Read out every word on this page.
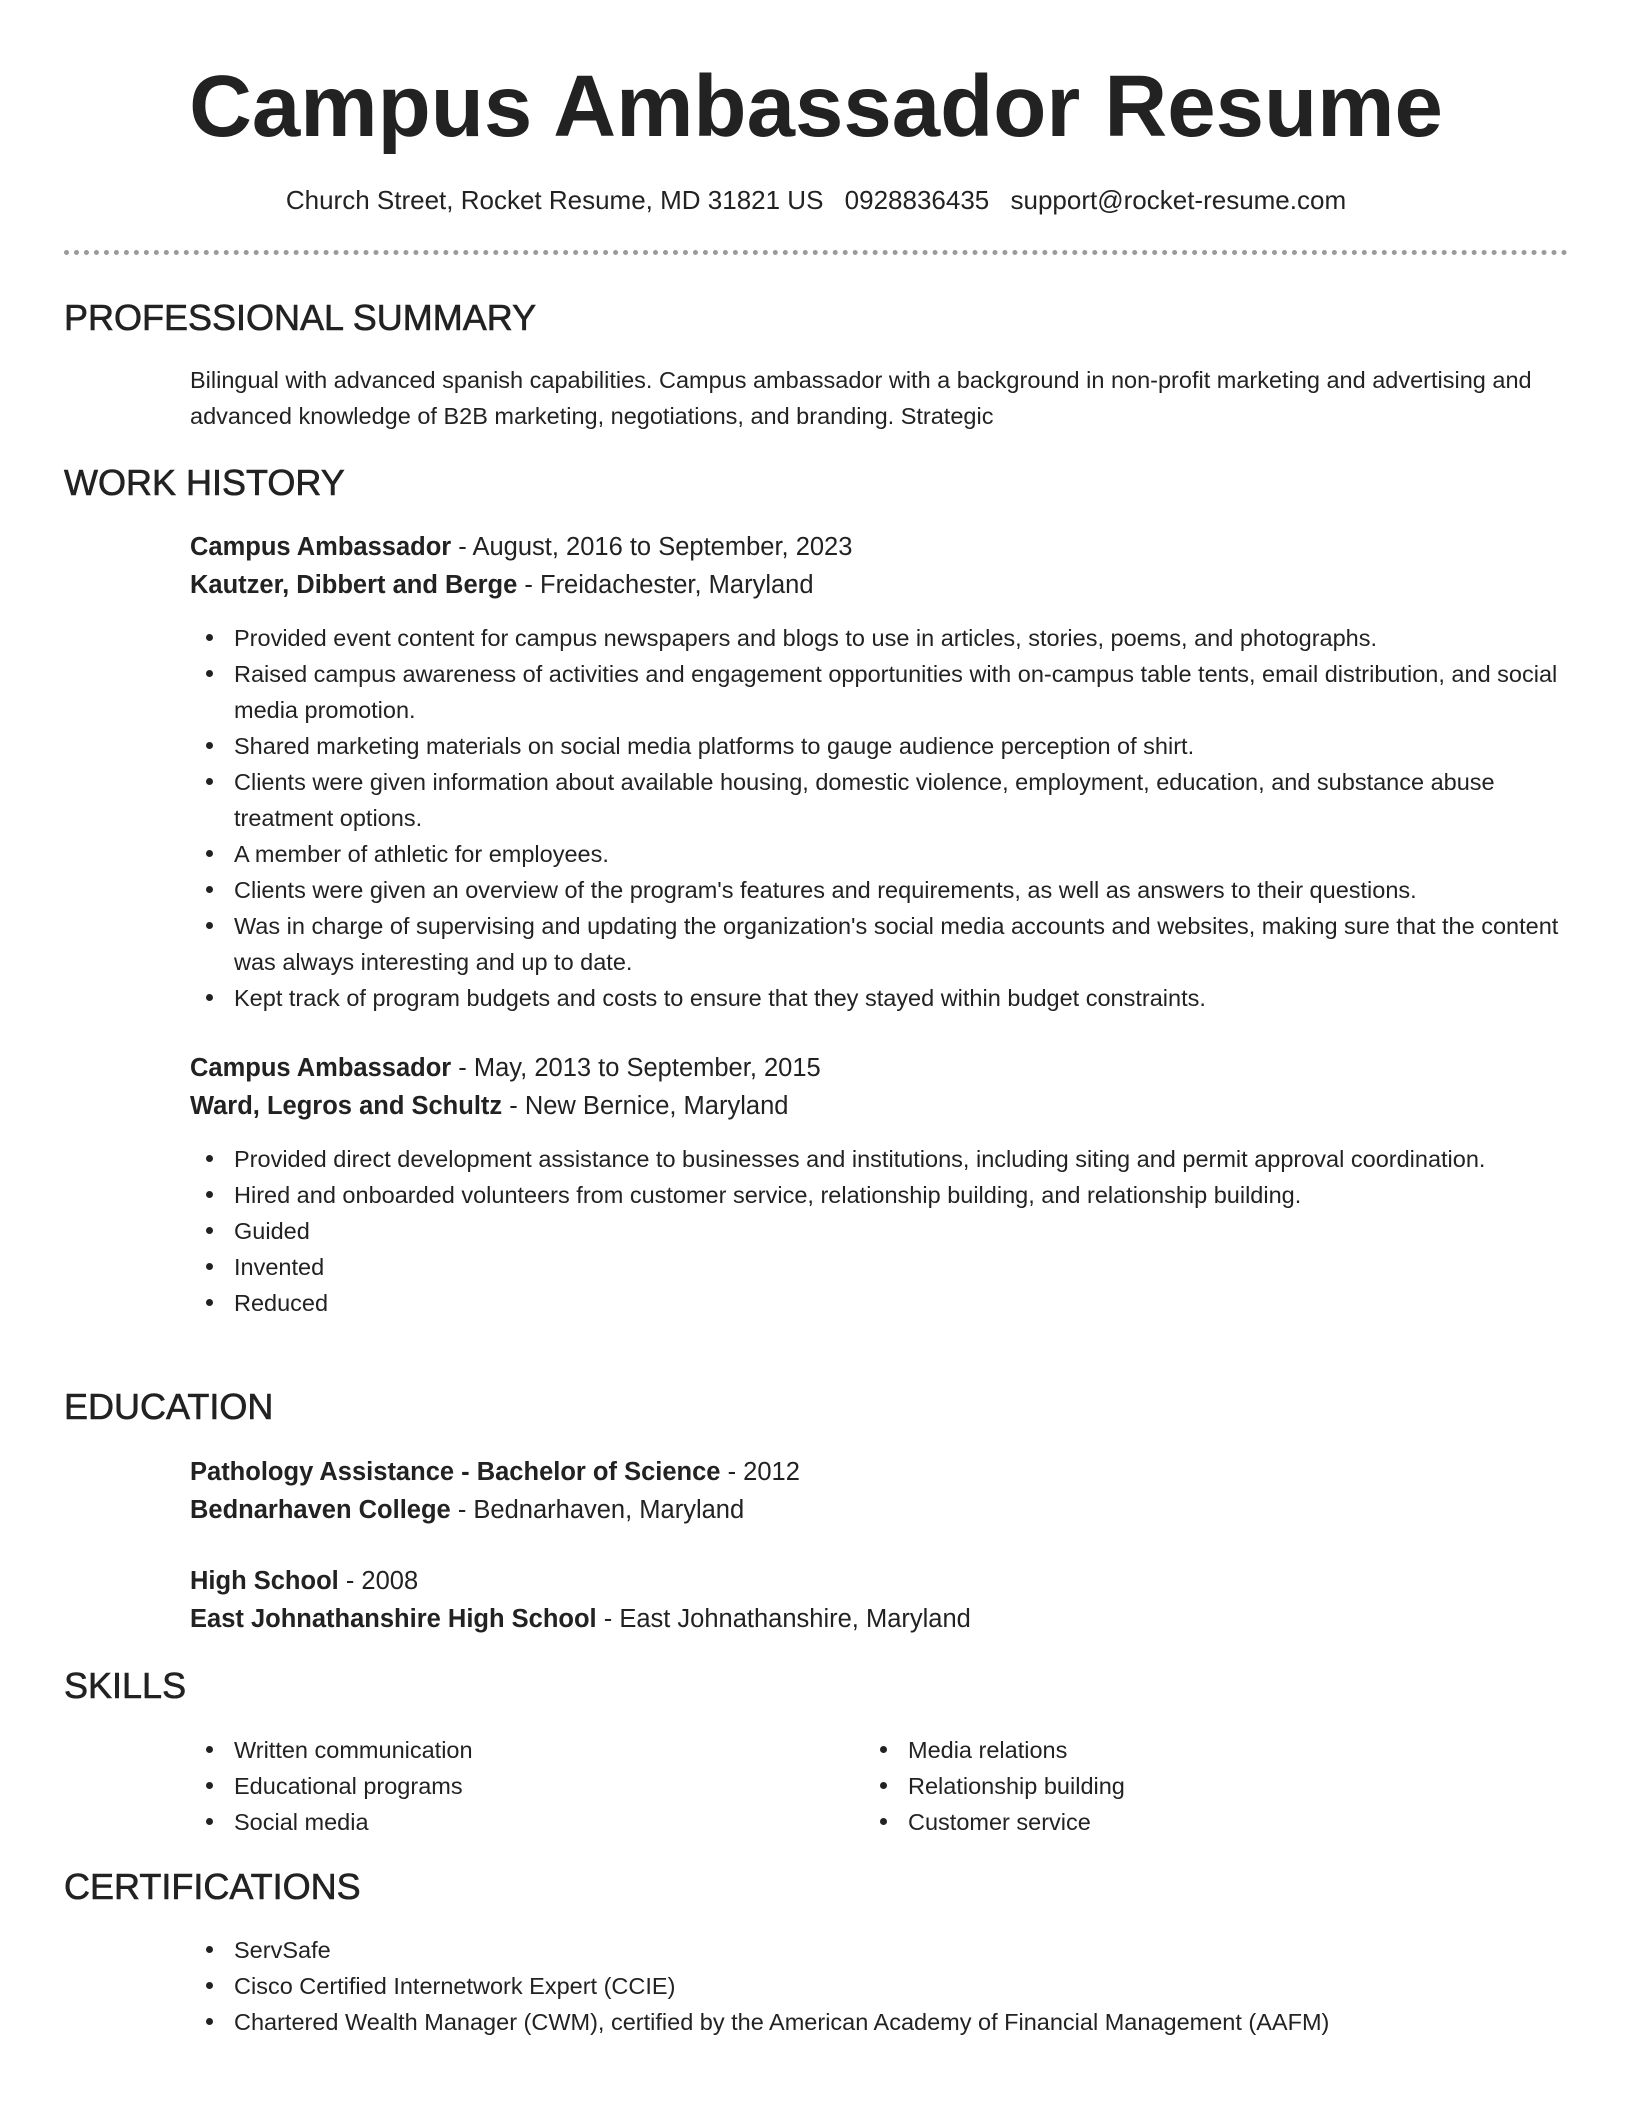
Campus Ambassador Resume
Church Street, Rocket Resume, MD 31821 US 0928836435 support@rocket-resume.com
PROFESSIONAL SUMMARY

Bilingual with advanced spanish capabilities. Campus ambassador with a background in non-profit marketing and advertising and advanced knowledge of B2B marketing, negotiations, and branding. Strategic

WORK HISTORY

Campus Ambassador - August, 2016 to September, 2023

Kautzer, Dibbert and Berge - Freidachester, Maryland

Provided event content for campus newspapers and blogs to use in articles, stories, poems, and photographs.
Raised campus awareness of activities and engagement opportunities with on-campus table tents, email distribution, and social media promotion.
Shared marketing materials on social media platforms to gauge audience perception of shirt.
Clients were given information about available housing, domestic violence, employment, education, and substance abuse treatment options.
A member of athletic for employees.
Clients were given an overview of the program's features and requirements, as well as answers to their questions.
Was in charge of supervising and updating the organization's social media accounts and websites, making sure that the content was always interesting and up to date.
Kept track of program budgets and costs to ensure that they stayed within budget constraints.

Campus Ambassador - May, 2013 to September, 2015

Ward, Legros and Schultz - New Bernice, Maryland

Provided direct development assistance to businesses and institutions, including siting and permit approval coordination.
Hired and onboarded volunteers from customer service, relationship building, and relationship building.
Guided
Invented
Reduced
EDUCATION

Pathology Assistance - Bachelor of Science - 2012

Bednarhaven College - Bednarhaven, Maryland

High School - 2008

East Johnathanshire High School - East Johnathanshire, Maryland

SKILLS
Written communication
Educational programs
Social media
Media relations
Relationship building
Customer service
CERTIFICATIONS
ServSafe
Cisco Certified Internetwork Expert (CCIE)
Chartered Wealth Manager (CWM), certified by the American Academy of Financial Management (AAFM)
